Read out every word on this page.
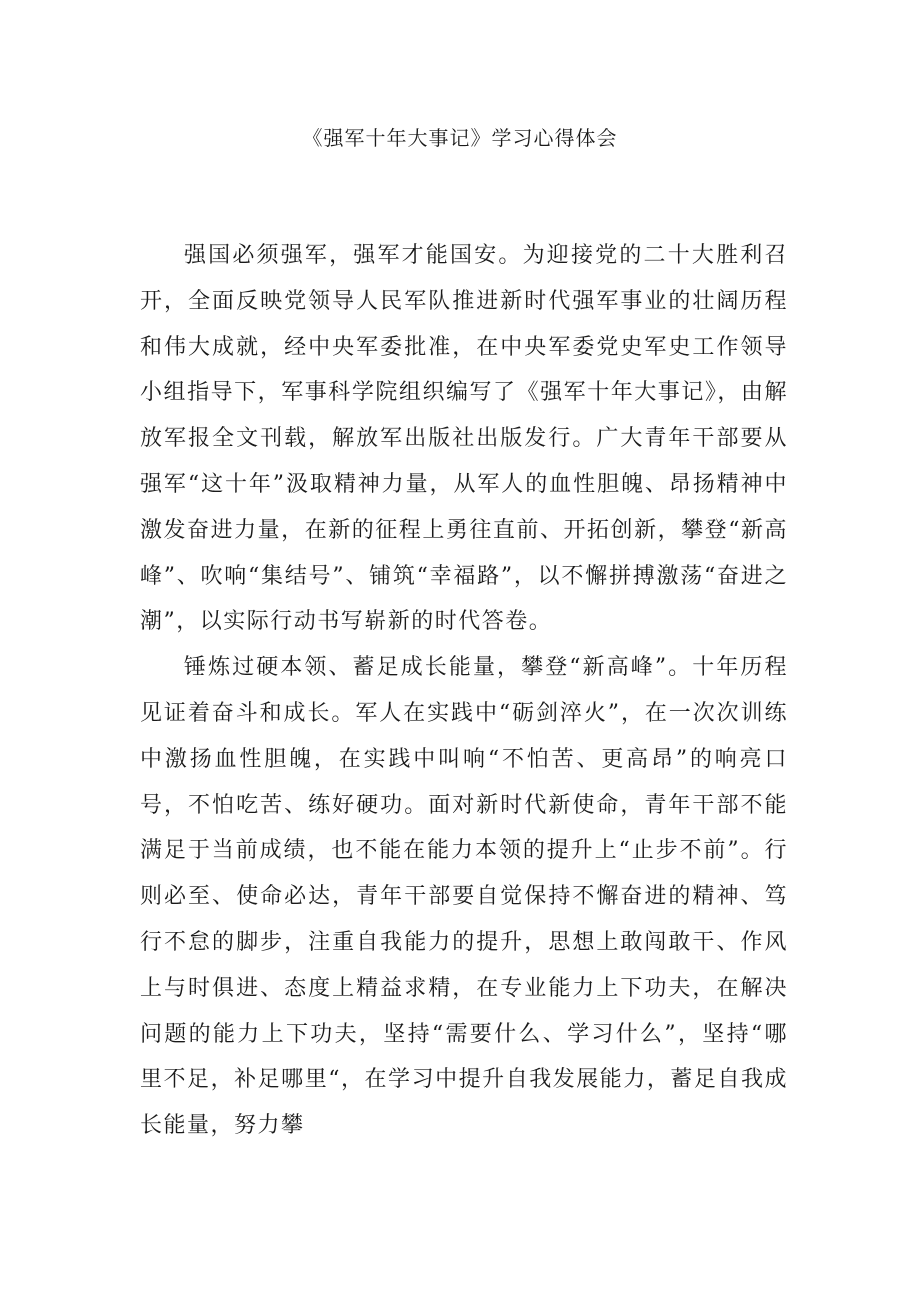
《强军十年大事记》学习心得体会

强国必须强军，强军才能国安。为迎接党的二十大胜利召开，全面反映党领导人民军队推进新时代强军事业的壮阔历程和伟大成就，经中央军委批准，在中央军委党史军史工作领导小组指导下，军事科学院组织编写了《强军十年大事记》，由解放军报全文刊载，解放军出版社出版发行。广大青年干部要从强军“这十年”汲取精神力量，从军人的血性胆魄、昂扬精神中激发奋进力量，在新的征程上勇往直前、开拓创新，攀登“新高峰”、吹响“集结号”、铺筑“幸福路”，以不懈拼搏激荡“奋进之潮”，以实际行动书写崭新的时代答卷。

锤炼过硬本领、蓄足成长能量，攀登“新高峰”。十年历程见证着奋斗和成长。军人在实践中“砺剑淬火”，在一次次训练中激扬血性胆魄，在实践中叫响“不怕苦、更高昂”的响亮口号，不怕吃苦、练好硬功。面对新时代新使命，青年干部不能满足于当前成绩，也不能在能力本领的提升上“止步不前”。行则必至、使命必达，青年干部要自觉保持不懈奋进的精神、笃行不怠的脚步，注重自我能力的提升，思想上敢闯敢干、作风上与时俱进、态度上精益求精，在专业能力上下功夫，在解决问题的能力上下功夫，坚持“需要什么、学习什么”，坚持“哪里不足，补足哪里“，在学习中提升自我发展能力，蓄足自我成长能量，努力攀
